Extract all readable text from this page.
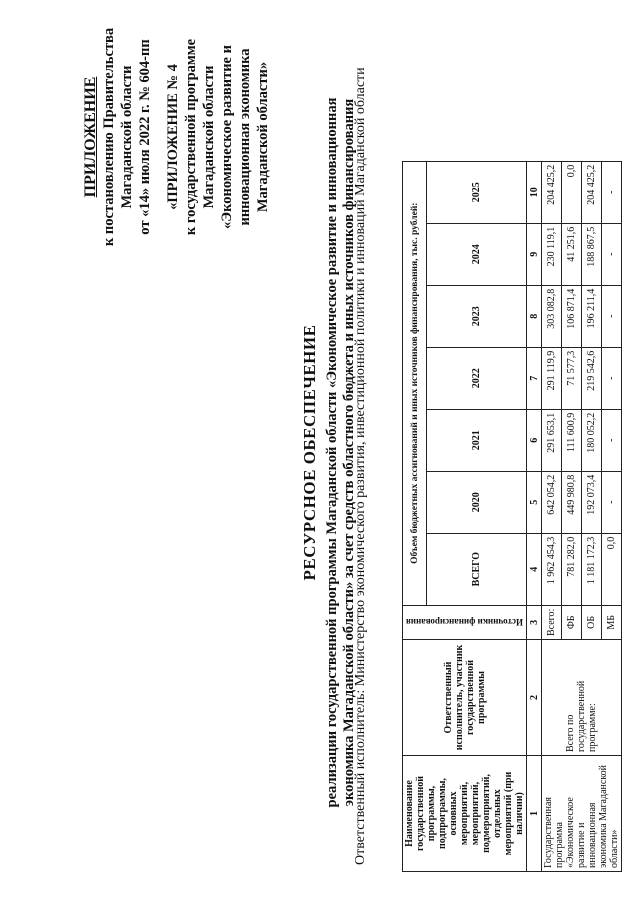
ПРИЛОЖЕНИЕ к постановлению Правительства Магаданской области от «14» июля 2022 г. № 604-пп «ПРИЛОЖЕНИЕ № 4 к государственной программе Магаданской области «Экономическое развитие и инновационная экономика Магаданской области»
РЕСУРСНОЕ ОБЕСПЕЧЕНИЕ реализации государственной программы Магаданской области «Экономическое развитие и инновационная экономика Магаданской области» за счет средств областного бюджета и иных источников финансирования
Ответственный исполнитель: Министерство экономического развития, инвестиционной политики и инноваций Магаданской области	Наименование государственной программы, подпрограммы, основных мероприятий, мероприятий, подмероприятий, отдельных мероприятий (при наличии)	Ответственный исполнитель, участник государственной программы	Источники финансирования	Объем бюджетных ассигнований и иных источников финансирования, тыс. рублей:						
			ВСЕГО	2020	2021	2022	2023	2024	2025
1	2	3	4	5	6	7	8	9	10
Государственная программа «Экономическое развитие и инновационная экономика Магаданской области»	Всего по государственной программе:	Всего:	1 962 454,3	642 054,2	291 653,1	291 119,9	303 082,8	230 119,1	204 425,2
		ФБ	781 282,0	449 980,8	111 600,9	71 577,3	106 871,4	41 251,6	0,0
		ОБ	1 181 172,3	192 073,4	180 052,2	219 542,6	196 211,4	188 867,5	204 425,2
		МБ	0,0	-	-	-	-	-	-
